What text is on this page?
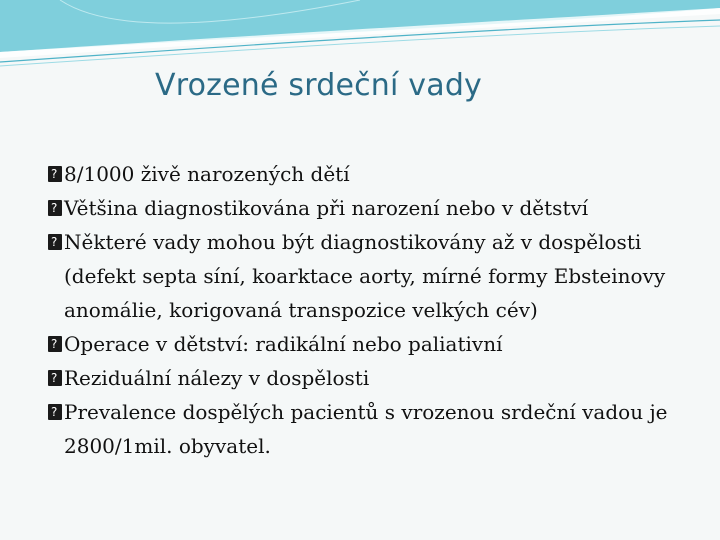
Vrozené srdeční vady
?
8/1000 živě narozených dětí
?
Většina diagnostikována při narození nebo v dětství
?
Některé vady mohou být diagnostikovány až v dospělosti (defekt septa síní, koarktace aorty, mírné formy Ebsteinovy anomálie, korigovaná transpozice velkých cév)
?
Operace v dětství: radikální nebo paliativní
?
Reziduální nálezy v dospělosti
?
Prevalence dospělých pacientů s vrozenou srdeční vadou je 2800/1mil. obyvatel.
